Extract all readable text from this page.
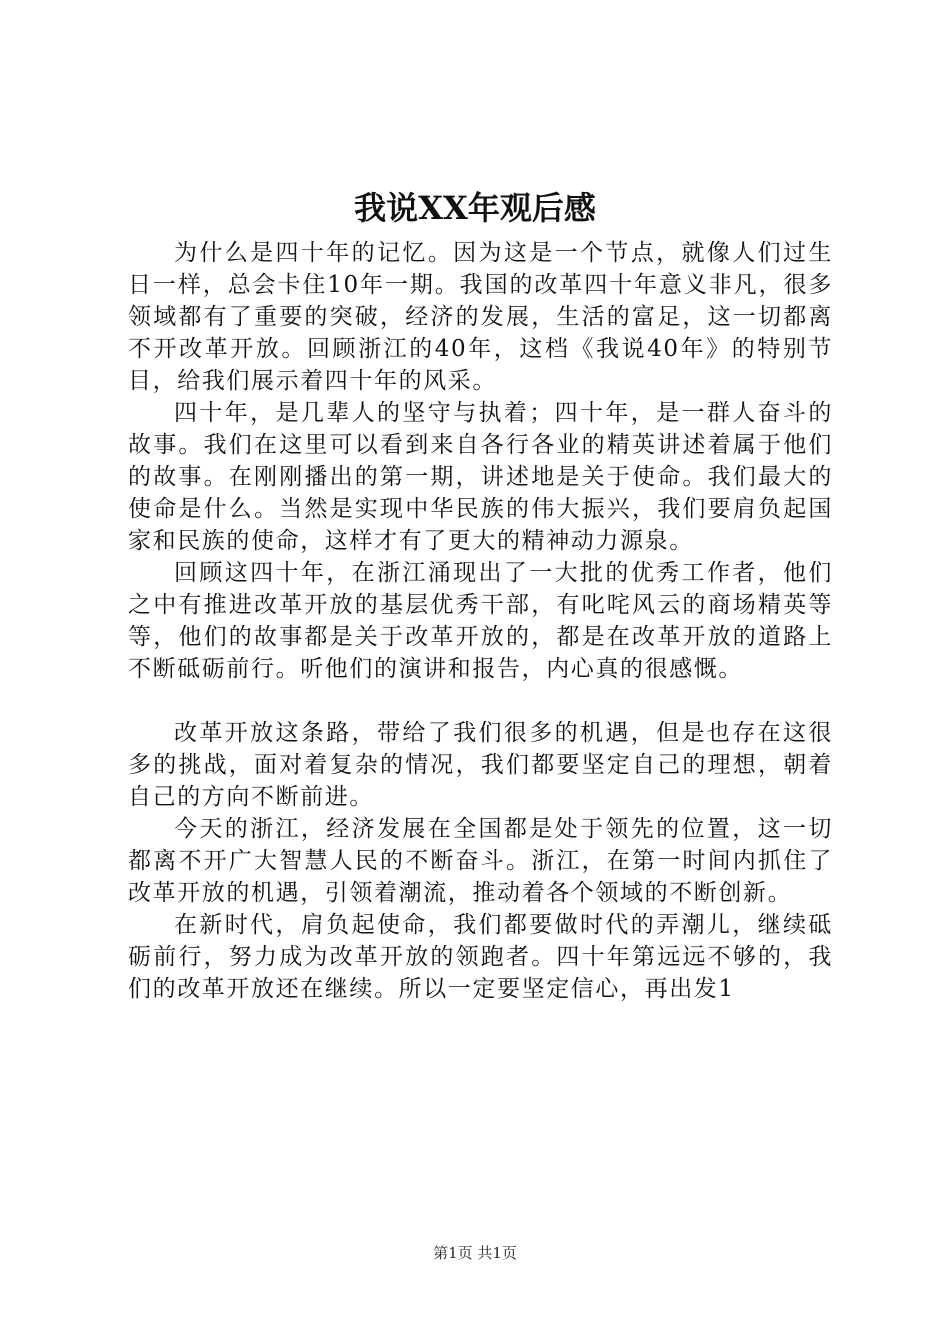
我说XX年观后感

为什么是四十年的记忆。因为这是一个节点，就像人们过生日一样，总会卡住10年一期。我国的改革四十年意义非凡，很多领域都有了重要的突破，经济的发展，生活的富足，这一切都离不开改革开放。回顾浙江的40年，这档《我说40年》的特别节目，给我们展示着四十年的风采。

四十年，是几辈人的坚守与执着；四十年，是一群人奋斗的故事。我们在这里可以看到来自各行各业的精英讲述着属于他们的故事。在刚刚播出的第一期，讲述地是关于使命。我们最大的使命是什么。当然是实现中华民族的伟大振兴，我们要肩负起国家和民族的使命，这样才有了更大的精神动力源泉。

回顾这四十年，在浙江涌现出了一大批的优秀工作者，他们之中有推进改革开放的基层优秀干部，有叱咤风云的商场精英等等，他们的故事都是关于改革开放的，都是在改革开放的道路上不断砥砺前行。听他们的演讲和报告，内心真的很感慨。

改革开放这条路，带给了我们很多的机遇，但是也存在这很多的挑战，面对着复杂的情况，我们都要坚定自己的理想，朝着自己的方向不断前进。

今天的浙江，经济发展在全国都是处于领先的位置，这一切都离不开广大智慧人民的不断奋斗。浙江，在第一时间内抓住了改革开放的机遇，引领着潮流，推动着各个领域的不断创新。

在新时代，肩负起使命，我们都要做时代的弄潮儿，继续砥砺前行，努力成为改革开放的领跑者。四十年第远远不够的，我们的改革开放还在继续。所以一定要坚定信心，再出发1

第1页 共1页
